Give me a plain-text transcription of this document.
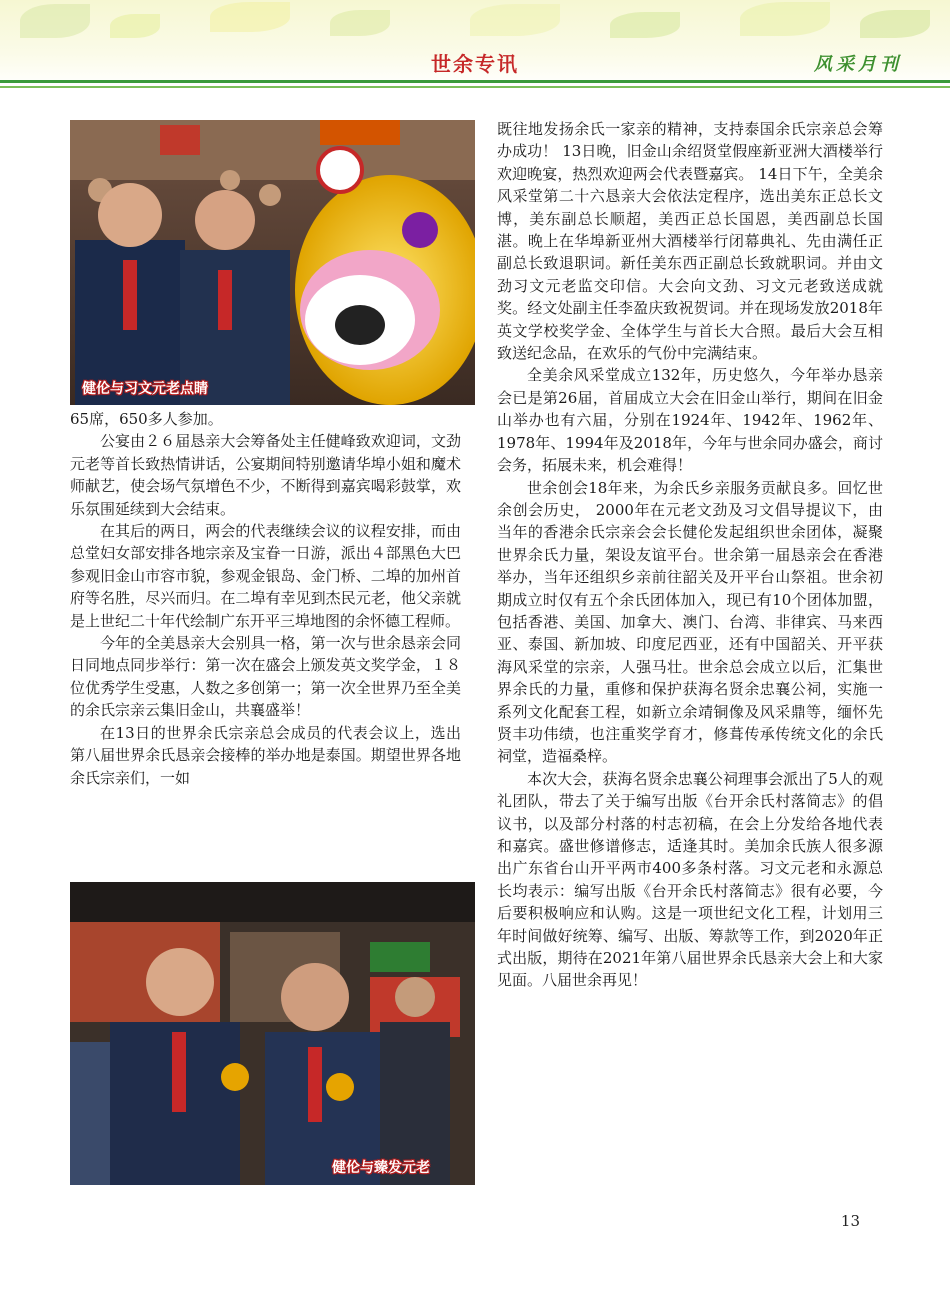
世余专讯	风采月刊
健伦与习文元老点睛
健伦与臻发元老

65席，650多人参加。

公宴由２６届恳亲大会筹备处主任健峰致欢迎词，文劲元老等首长致热情讲话，公宴期间特别邀请华埠小姐和魔术师献艺，使会场气氛增色不少，不断得到嘉宾喝彩鼓掌，欢乐氛围延续到大会结束。

在其后的两日，两会的代表继续会议的议程安排，而由总堂妇女部安排各地宗亲及宝眷一日游，派出４部黑色大巴参观旧金山市容市貌，参观金银岛、金门桥、二埠的加州首府等名胜，尽兴而归。在二埠有幸见到杰民元老，他父亲就是上世纪二十年代绘制广东开平三埠地图的余怀德工程师。

今年的全美恳亲大会别具一格，第一次与世余恳亲会同日同地点同步举行：第一次在盛会上颁发英文奖学金，１８位优秀学生受惠，人数之多创第一；第一次全世界乃至全美的余氏宗亲云集旧金山，共襄盛举！

在13日的世界余氏宗亲总会成员的代表会议上，选出第八届世界余氏恳亲会接棒的举办地是泰国。期望世界各地余氏宗亲们，一如

既往地发扬余氏一家亲的精神，支持泰国余氏宗亲总会筹办成功！ 13日晚，旧金山余绍贤堂假座新亚洲大酒楼举行欢迎晚宴，热烈欢迎两会代表暨嘉宾。 14日下午，全美余风采堂第二十六恳亲大会依法定程序，选出美东正总长文博，美东副总长顺超，美西正总长国恩，美西副总长国湛。晚上在华埠新亚州大酒楼举行闭幕典礼、先由满任正副总长致退职词。新任美东西正副总长致就职词。并由文劲习文元老监交印信。大会向文劲、习文元老致送成就奖。经文处副主任李盈庆致祝贺词。并在现场发放2018年英文学校奖学金、全体学生与首长大合照。最后大会互相致送纪念品，在欢乐的气份中完满结束。

全美余风采堂成立132年，历史悠久，今年举办恳亲会已是第26届，首届成立大会在旧金山举行，期间在旧金山举办也有六届，分别在1924年、1942年、1962年、1978年、1994年及2018年，今年与世余同办盛会，商讨会务，拓展未来，机会难得！

世余创会18年来，为余氏乡亲服务贡献良多。回忆世余创会历史， 2000年在元老文劲及习文倡导提议下，由当年的香港余氏宗亲会会长健伦发起组织世余团体，凝聚世界余氏力量，架设友谊平台。世余第一届恳亲会在香港举办，当年还组织乡亲前往韶关及开平台山祭祖。世余初期成立时仅有五个余氏团体加入，现已有10个团体加盟，包括香港、美国、加拿大、澳门、台湾、非律宾、马来西亚、泰国、新加坡、印度尼西亚，还有中国韶关、开平获海风采堂的宗亲，人强马壮。世余总会成立以后，汇集世界余氏的力量，重修和保护获海名贤余忠襄公祠，实施一系列文化配套工程，如新立余靖铜像及风采鼎等，缅怀先贤丰功伟绩，也注重奖学育才，修葺传承传统文化的余氏祠堂，造福桑梓。

本次大会，获海名贤余忠襄公祠理事会派出了5人的观礼团队，带去了关于编写出版《台开余氏村落简志》的倡议书，以及部分村落的村志初稿，在会上分发给各地代表和嘉宾。盛世修谱修志，适逢其时。美加余氏族人很多源出广东省台山开平两市400多条村落。习文元老和永源总长均表示：编写出版《台开余氏村落简志》很有必要，今后要积极响应和认购。这是一项世纪文化工程，计划用三年时间做好统筹、编写、出版、筹款等工作，到2020年正式出版，期待在2021年第八届世界余氏恳亲大会上和大家见面。八届世余再见！

13
